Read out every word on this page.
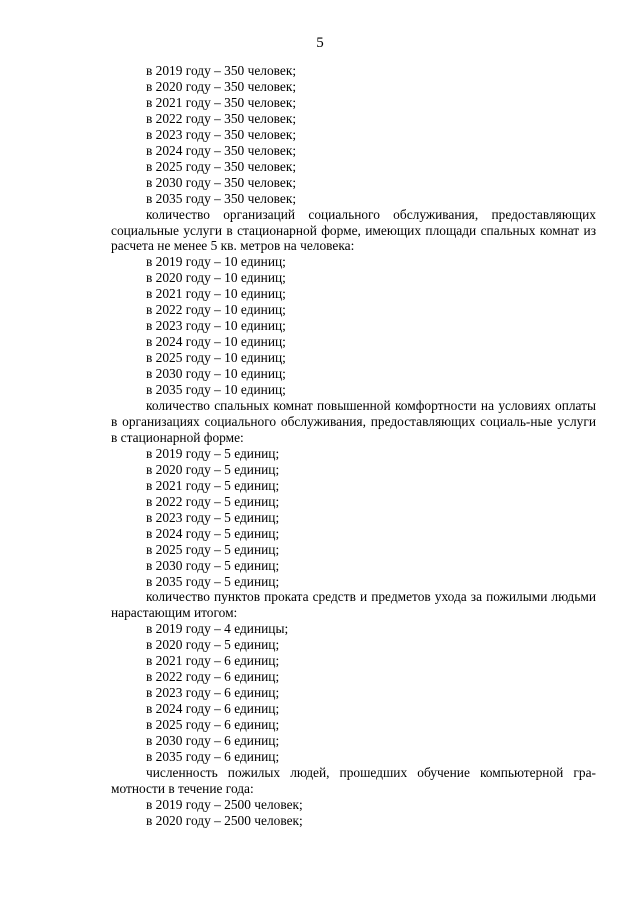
5

в 2019 году – 350 человек;

в 2020 году – 350 человек;

в 2021 году – 350 человек;

в 2022 году – 350 человек;

в 2023 году – 350 человек;

в 2024 году – 350 человек;

в 2025 году – 350 человек;

в 2030 году – 350 человек;

в 2035 году – 350 человек;

количество организаций социального обслуживания, предоставляющих социальные услуги в стационарной форме, имеющих площади спальных комнат из расчета не менее 5 кв. метров на человека:

в 2019 году – 10 единиц;

в 2020 году – 10 единиц;

в 2021 году – 10 единиц;

в 2022 году – 10 единиц;

в 2023 году – 10 единиц;

в 2024 году – 10 единиц;

в 2025 году – 10 единиц;

в 2030 году – 10 единиц;

в 2035 году – 10 единиц;

количество спальных комнат повышенной комфортности на условиях оплаты в организациях социального обслуживания, предоставляющих социаль-ные услуги в стационарной форме:

в 2019 году – 5 единиц;

в 2020 году – 5 единиц;

в 2021 году – 5 единиц;

в 2022 году – 5 единиц;

в 2023 году – 5 единиц;

в 2024 году – 5 единиц;

в 2025 году – 5 единиц;

в 2030 году – 5 единиц;

в 2035 году – 5 единиц;

количество пунктов проката средств и предметов ухода за пожилыми людьми нарастающим итогом:

в 2019 году – 4 единицы;

в 2020 году – 5 единиц;

в 2021 году – 6 единиц;

в 2022 году – 6 единиц;

в 2023 году – 6 единиц;

в 2024 году – 6 единиц;

в 2025 году – 6 единиц;

в 2030 году – 6 единиц;

в 2035 году – 6 единиц;

численность пожилых людей, прошедших обучение компьютерной гра-мотности в течение года:

в 2019 году – 2500 человек;

в 2020 году – 2500 человек;
